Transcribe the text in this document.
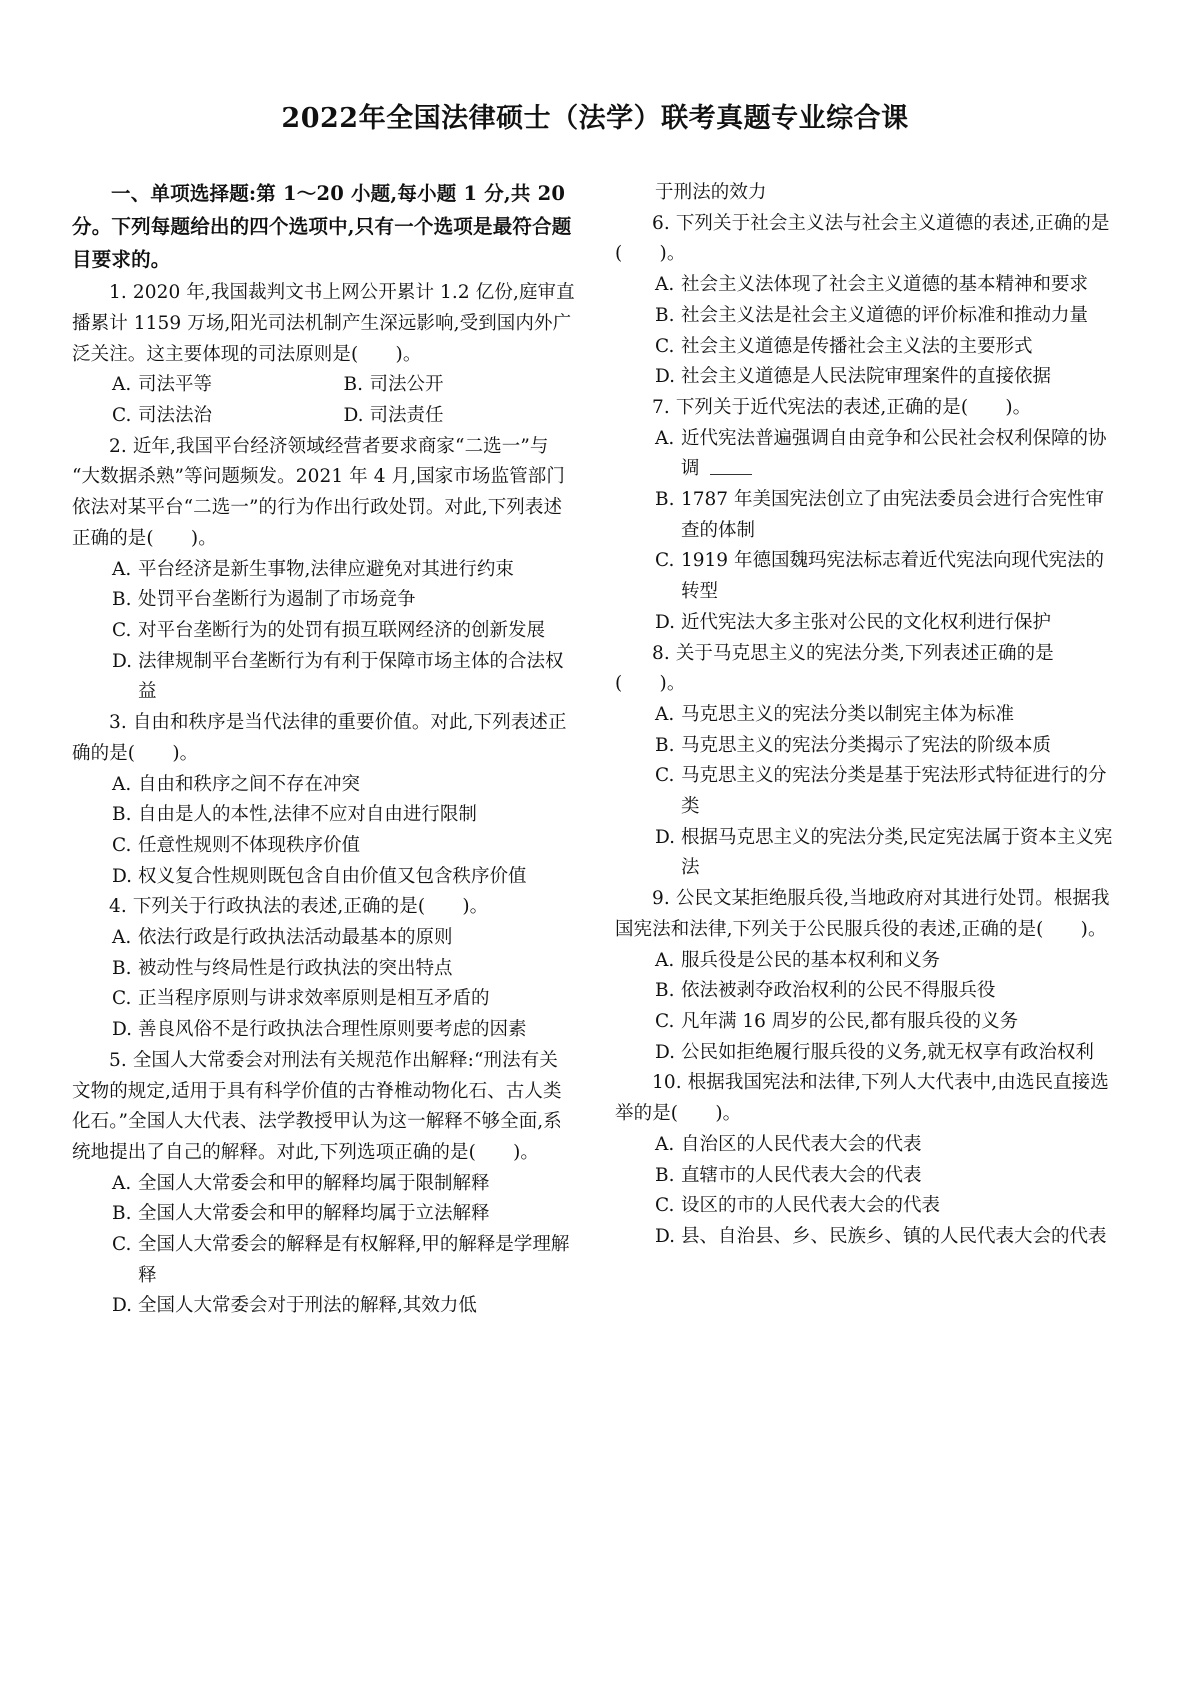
2022年全国法律硕士（法学）联考真题专业综合课

一、单项选择题:第 1～20 小题,每小题 1 分,共 20 分。下列每题给出的四个选项中,只有一个选项是最符合题目要求的。

1. 2020 年,我国裁判文书上网公开累计 1.2 亿份,庭审直播累计 1159 万场,阳光司法机制产生深远影响,受到国内外广泛关注。这主要体现的司法原则是(　　)。

A. 司法平等	B. 司法公开
C. 司法法治	D. 司法责任

2. 近年,我国平台经济领域经营者要求商家“二选一”与“大数据杀熟”等问题频发。2021 年 4 月,国家市场监管部门依法对某平台“二选一”的行为作出行政处罚。对此,下列表述正确的是(　　)。

A. 平台经济是新生事物,法律应避免对其进行约束
B. 处罚平台垄断行为遏制了市场竞争
C. 对平台垄断行为的处罚有损互联网经济的创新发展
D. 法律规制平台垄断行为有利于保障市场主体的合法权益

3. 自由和秩序是当代法律的重要价值。对此,下列表述正确的是(　　)。

A. 自由和秩序之间不存在冲突
B. 自由是人的本性,法律不应对自由进行限制
C. 任意性规则不体现秩序价值
D. 权义复合性规则既包含自由价值又包含秩序价值

4. 下列关于行政执法的表述,正确的是(　　)。

A. 依法行政是行政执法活动最基本的原则
B. 被动性与终局性是行政执法的突出特点
C. 正当程序原则与讲求效率原则是相互矛盾的
D. 善良风俗不是行政执法合理性原则要考虑的因素

5. 全国人大常委会对刑法有关规范作出解释:“刑法有关文物的规定,适用于具有科学价值的古脊椎动物化石、古人类化石。”全国人大代表、法学教授甲认为这一解释不够全面,系统地提出了自己的解释。对此,下列选项正确的是(　　)。

A. 全国人大常委会和甲的解释均属于限制解释
B. 全国人大常委会和甲的解释均属于立法解释
C. 全国人大常委会的解释是有权解释,甲的解释是学理解释
D. 全国人大常委会对于刑法的解释,其效力低

于刑法的效力

6. 下列关于社会主义法与社会主义道德的表述,正确的是(　　)。

A. 社会主义法体现了社会主义道德的基本精神和要求
B. 社会主义法是社会主义道德的评价标准和推动力量
C. 社会主义道德是传播社会主义法的主要形式
D. 社会主义道德是人民法院审理案件的直接依据

7. 下列关于近代宪法的表述,正确的是(　　)。

A. 近代宪法普遍强调自由竞争和公民社会权利保障的协调
B. 1787 年美国宪法创立了由宪法委员会进行合宪性审查的体制
C. 1919 年德国魏玛宪法标志着近代宪法向现代宪法的转型
D. 近代宪法大多主张对公民的文化权利进行保护

8. 关于马克思主义的宪法分类,下列表述正确的是(　　)。

A. 马克思主义的宪法分类以制宪主体为标准
B. 马克思主义的宪法分类揭示了宪法的阶级本质
C. 马克思主义的宪法分类是基于宪法形式特征进行的分类
D. 根据马克思主义的宪法分类,民定宪法属于资本主义宪法

9. 公民文某拒绝服兵役,当地政府对其进行处罚。根据我国宪法和法律,下列关于公民服兵役的表述,正确的是(　　)。

A. 服兵役是公民的基本权利和义务
B. 依法被剥夺政治权利的公民不得服兵役
C. 凡年满 16 周岁的公民,都有服兵役的义务
D. 公民如拒绝履行服兵役的义务,就无权享有政治权利

10. 根据我国宪法和法律,下列人大代表中,由选民直接选举的是(　　)。

A. 自治区的人民代表大会的代表
B. 直辖市的人民代表大会的代表
C. 设区的市的人民代表大会的代表
D. 县、自治县、乡、民族乡、镇的人民代表大会的代表
